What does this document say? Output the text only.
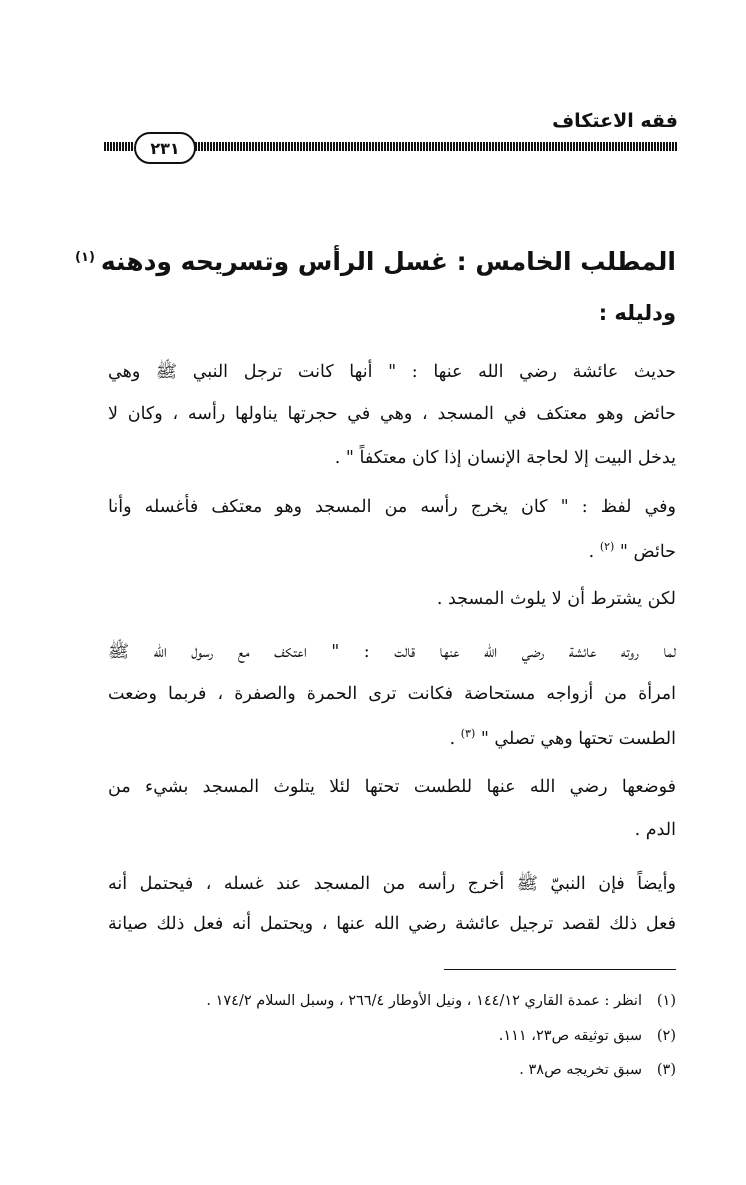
فقه الاعتكاف
٢٣١
المطلب الخامس : غسل الرأس وتسريحه ودهنه$^{(١)}$
ودليله :
حديث عائشة رضي الله عنها : " أنها كانت ترجل النبي ﷺ وهي
حائض وهو معتكف في المسجد ، وهي في حجرتها يناولها رأسه ، وكان لا
يدخل البيت إلا لحاجة الإنسان إذا كان معتكفاً " .
وفي لفظ : " كان يخرج رأسه من المسجد وهو معتكف فأغسله وأنا
حائض " $^{(٢)}$ .
لكن يشترط أن لا يلوث المسجد .
لما روته عائشة رضي الله عنها قالت : " اعتكف مع رسول الله ﷺ
امرأة من أزواجه مستحاضة فكانت ترى الحمرة والصفرة ، فربما وضعت
الطست تحتها وهي تصلي " $^{(٣)}$ .
فوضعها رضي الله عنها للطست تحتها لئلا يتلوث المسجد بشيء من
الدم .
وأيضاً فإن النبيّ ﷺ أخرج رأسه من المسجد عند غسله ، فيحتمل أنه
فعل ذلك لقصد ترجيل عائشة رضي الله عنها ، ويحتمل أنه فعل ذلك صيانة
(١)انظر : عمدة القاري ١٤٤/١٢ ، ونيل الأوطار ٢٦٦/٤ ، وسبل السلام ١٧٤/٢ .
(٢)سبق توثيقه ص٢٣، ١١١.
(٣)سبق تخريجه ص٣٨ .
